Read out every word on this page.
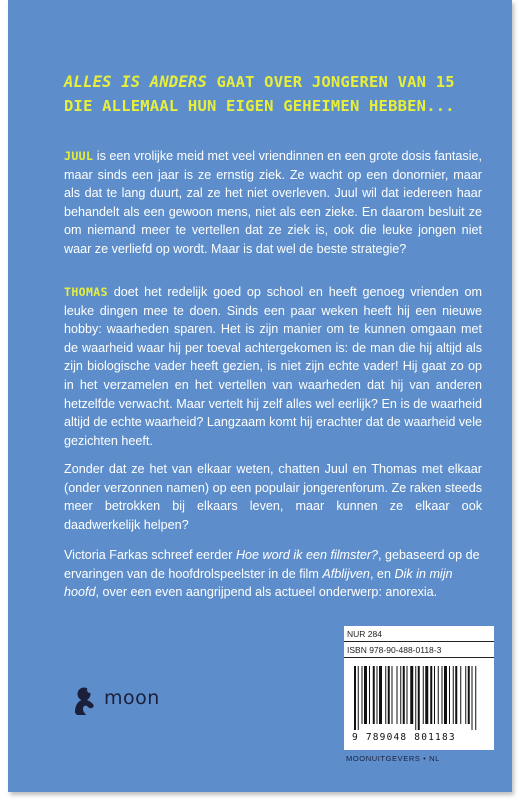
ALLES IS ANDERS GAAT OVER JONGEREN VAN 15
DIE ALLEMAAL HUN EIGEN GEHEIMEN HEBBEN...
JUUL is een vrolijke meid met veel vriendinnen en een grote dosis fantasie, maar sinds een jaar is ze ernstig ziek. Ze wacht op een donornier, maar als dat te lang duurt, zal ze het niet overleven. Juul wil dat iedereen haar behandelt als een gewoon mens, niet als een zieke. En daarom besluit ze om niemand meer te vertellen dat ze ziek is, ook die leuke jongen niet waar ze verliefd op wordt. Maar is dat wel de beste strategie?
THOMAS doet het redelijk goed op school en heeft genoeg vrienden om leuke dingen mee te doen. Sinds een paar weken heeft hij een nieuwe hobby: waarheden sparen. Het is zijn manier om te kunnen omgaan met de waarheid waar hij per toeval achtergekomen is: de man die hij altijd als zijn biologische vader heeft gezien, is niet zijn echte vader! Hij gaat zo op in het verzamelen en het vertellen van waarheden dat hij van anderen hetzelfde verwacht. Maar vertelt hij zelf alles wel eerlijk? En is de waarheid altijd de echte waarheid? Langzaam komt hij erachter dat de waarheid vele gezichten heeft.
Zonder dat ze het van elkaar weten, chatten Juul en Thomas met elkaar (onder verzonnen namen) op een populair jongerenforum. Ze raken steeds meer betrokken bij elkaars leven, maar kunnen ze elkaar ook daadwerkelijk helpen?
Victoria Farkas schreef eerder Hoe word ik een filmster?, gebaseerd op de ervaringen van de hoofdrolspeelster in de film Afblijven, en Dik in mijn hoofd, over een even aangrijpend als actueel onderwerp: anorexia.
moon
NUR 284
ISBN 978-90-488-0118-3
9 789048 801183
MOONUITGEVERS • NL
